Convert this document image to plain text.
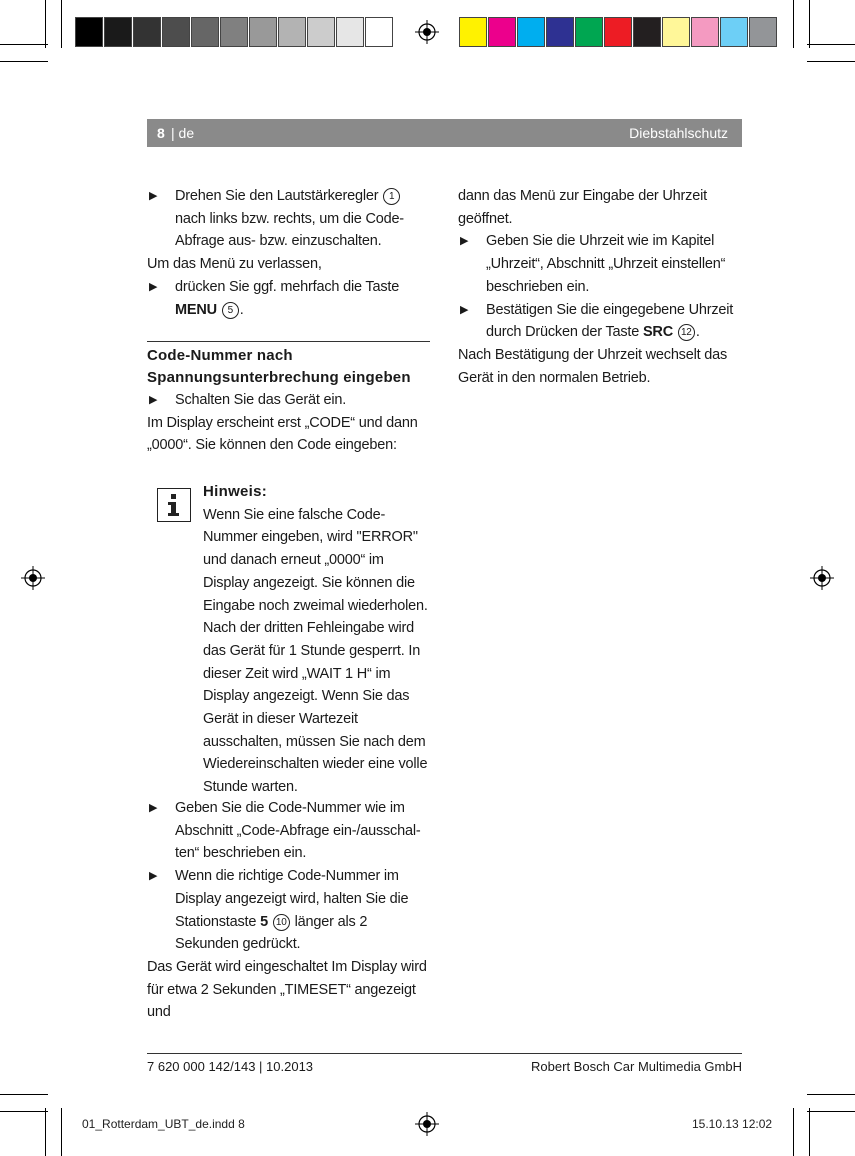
8 | de	Diebstahlschutz

▶ Drehen Sie den Lautstärkeregler 1 nach links bzw. rechts, um die Code-Abfrage aus- bzw. einzuschalten.

Um das Menü zu verlassen,

▶ drücken Sie ggf. mehrfach die Taste MENU 5 .

Code-Nummer nach Spannungsunterbrechung eingeben

▶ Schalten Sie das Gerät ein.

Im Display erscheint erst „CODE“ und dann „0000“. Sie können den Code eingeben:

Hinweis:

Wenn Sie eine falsche Code-Nummer eingeben, wird "ERROR" und danach erneut „0000“ im Display angezeigt. Sie können die Eingabe noch zweimal wiederholen. Nach der dritten Fehleingabe wird das Gerät für 1 Stunde gesperrt. In dieser Zeit wird „WAIT 1 H“ im Display angezeigt. Wenn Sie das Gerät in dieser Wartezeit ausschalten, müssen Sie nach dem Wiedereinschalten wieder eine volle Stunde warten.

▶ Geben Sie die Code-Nummer wie im Abschnitt „Code-Abfrage ein-/ausschal-ten“ beschrieben ein.

▶ Wenn die richtige Code-Nummer im Display angezeigt wird, halten Sie die Stationstaste 5 10 länger als 2 Sekunden gedrückt.

Das Gerät wird eingeschaltet Im Display wird für etwa 2 Sekunden „TIMESET“ angezeigt und

dann das Menü zur Eingabe der Uhrzeit geöffnet.

▶ Geben Sie die Uhrzeit wie im Kapitel „Uhrzeit“, Abschnitt „Uhrzeit einstellen“ beschrieben ein.

▶ Bestätigen Sie die eingegebene Uhrzeit durch Drücken der Taste SRC 12 .

Nach Bestätigung der Uhrzeit wechselt das Gerät in den normalen Betrieb.

7 620 000 142/143 | 10.2013	Robert Bosch Car Multimedia GmbH
01_Rotterdam_UBT_de.indd 8	15.10.13 12:02
